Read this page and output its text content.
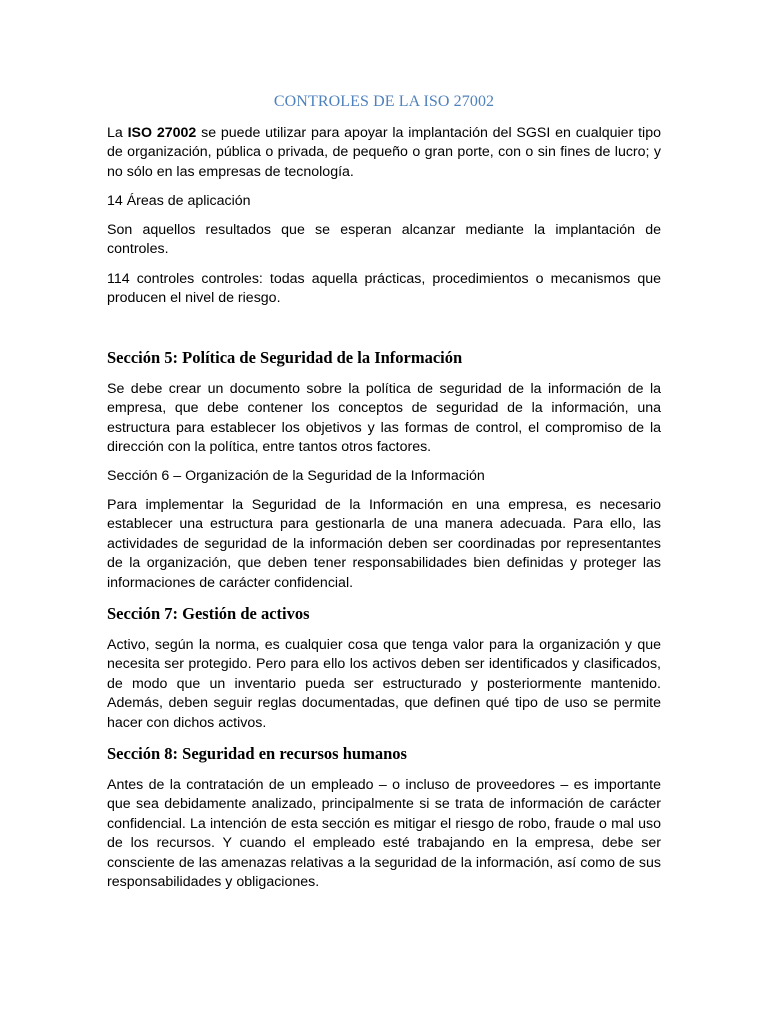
CONTROLES DE LA ISO 27002

La ISO 27002 se puede utilizar para apoyar la implantación del SGSI en cualquier tipo de organización, pública o privada, de pequeño o gran porte, con o sin fines de lucro; y no sólo en las empresas de tecnología.

14 Áreas de aplicación

Son aquellos resultados que se esperan alcanzar mediante la implantación de controles.

114 controles controles: todas aquella prácticas, procedimientos o mecanismos que producen el nivel de riesgo.

Sección 5: Política de Seguridad de la Información

Se debe crear un documento sobre la política de seguridad de la información de la empresa, que debe contener los conceptos de seguridad de la información, una estructura para establecer los objetivos y las formas de control, el compromiso de la dirección con la política, entre tantos otros factores.

Sección 6 – Organización de la Seguridad de la Información

Para implementar la Seguridad de la Información en una empresa, es necesario establecer una estructura para gestionarla de una manera adecuada. Para ello, las actividades de seguridad de la información deben ser coordinadas por representantes de la organización, que deben tener responsabilidades bien definidas y proteger las informaciones de carácter confidencial.

Sección 7: Gestión de activos

Activo, según la norma, es cualquier cosa que tenga valor para la organización y que necesita ser protegido. Pero para ello los activos deben ser identificados y clasificados, de modo que un inventario pueda ser estructurado y posteriormente mantenido. Además, deben seguir reglas documentadas, que definen qué tipo de uso se permite hacer con dichos activos.

Sección 8: Seguridad en recursos humanos

Antes de la contratación de un empleado – o incluso de proveedores – es importante que sea debidamente analizado, principalmente si se trata de información de carácter confidencial. La intención de esta sección es mitigar el riesgo de robo, fraude o mal uso de los recursos. Y cuando el empleado esté trabajando en la empresa, debe ser consciente de las amenazas relativas a la seguridad de la información, así como de sus responsabilidades y obligaciones.
